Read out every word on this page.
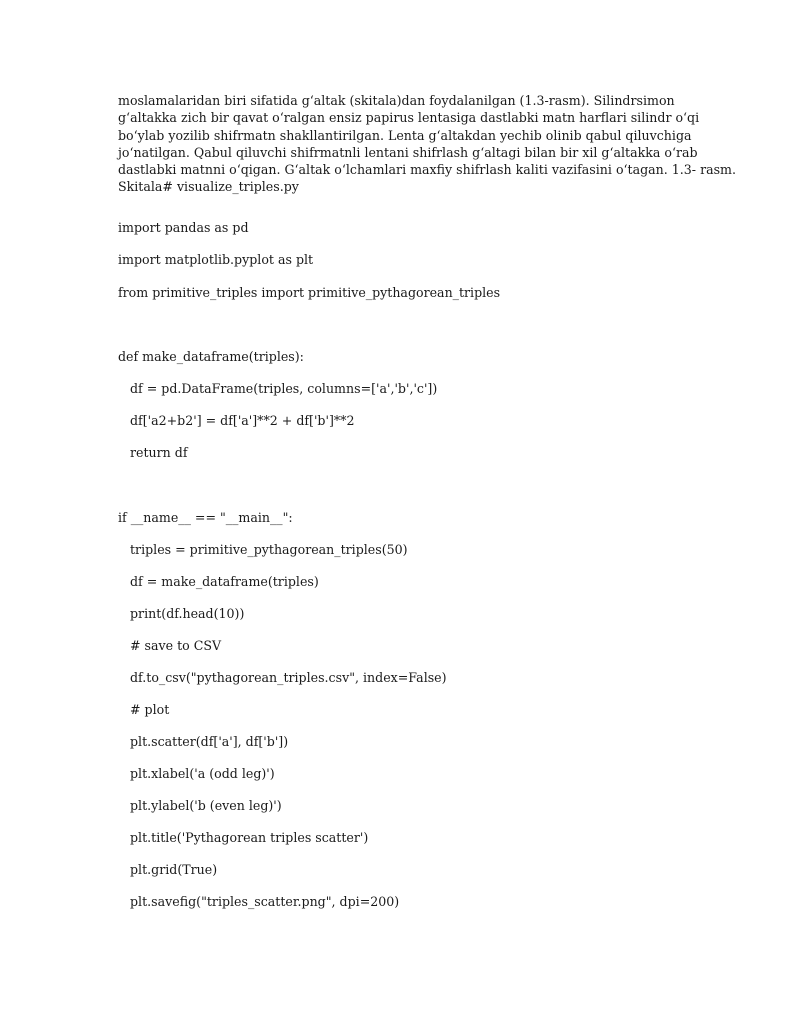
moslamalaridan biri sifatida g‘altak (skitala)dan foydalanilgan (1.3-rasm). Silindrsimon
g‘altakka zich bir qavat o‘ralgan ensiz papirus lentasiga dastlabki matn harflari silindr o‘qi
bo‘ylab yozilib shifrmatn shakllantirilgan. Lenta g‘altakdan yechib olinib qabul qiluvchiga
jo‘natilgan. Qabul qiluvchi shifrmatnli lentani shifrlash g‘altagi bilan bir xil g‘altakka o‘rab
dastlabki matnni o‘qigan. G‘altak o‘lchamlari maxfiy shifrlash kaliti vazifasini o‘tagan. 1.3- rasm.
Skitala# visualize_triples.py

import pandas as pd
import matplotlib.pyplot as plt
from primitive_triples import primitive_pythagorean_triples
def make_dataframe(triples):
df = pd.DataFrame(triples, columns=['a','b','c'])
df['a2+b2'] = df['a']**2 + df['b']**2
return df
if __name__ == "__main__":
triples = primitive_pythagorean_triples(50)
df = make_dataframe(triples)
print(df.head(10))
# save to CSV
df.to_csv("pythagorean_triples.csv", index=False)
# plot
plt.scatter(df['a'], df['b'])
plt.xlabel('a (odd leg)')
plt.ylabel('b (even leg)')
plt.title('Pythagorean triples scatter')
plt.grid(True)
plt.savefig("triples_scatter.png", dpi=200)
